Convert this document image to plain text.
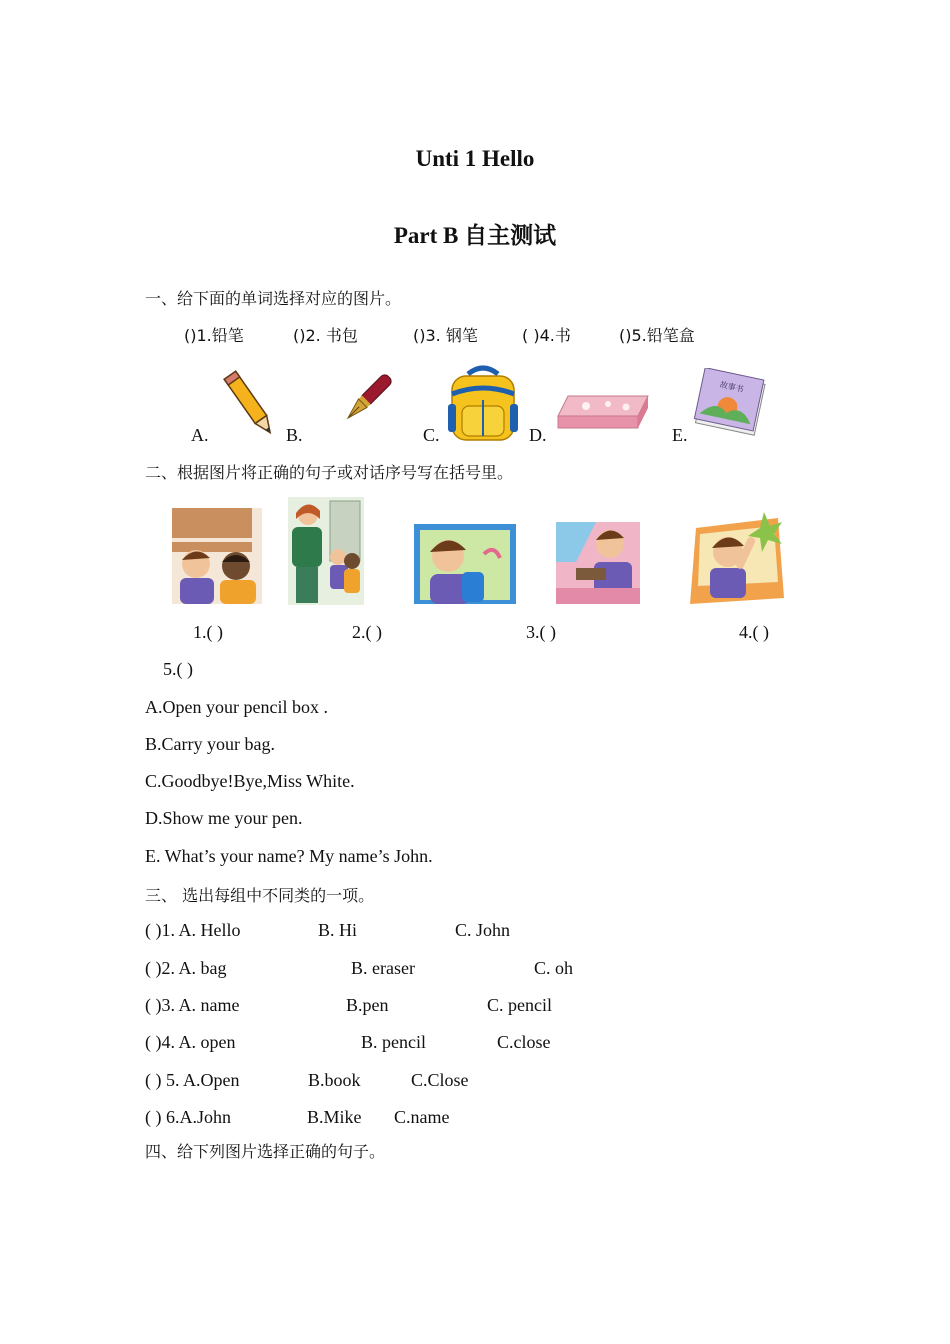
Unti 1 Hello
Part B 自主测试
一、给下面的单词选择对应的图片。
()1.铅笔	()2. 书包	()3. 钢笔	( )4.书	()5.铅笔盒
A.	B.	C.	D.	E.
故事书
二、根据图片将正确的句子或对话序号写在括号里。
1.( )	2.( )	3.( )	4.( )
5.( )
A.Open your pencil box .
B.Carry your bag.
C.Goodbye!Bye,Miss White.
D.Show me your pen.
E. What’s your name? My name’s John.
三、 选出每组中不同类的一项。
( )1. A. Hello	B. Hi	C. John
( )2. A. bag	B. eraser	C. oh
( )3. A. name	B.pen	C. pencil
( )4. A. open	B. pencil	C.close
( ) 5. A.Open	B.book	C.Close
( ) 6.A.John	B.Mike C.name
四、给下列图片选择正确的句子。
